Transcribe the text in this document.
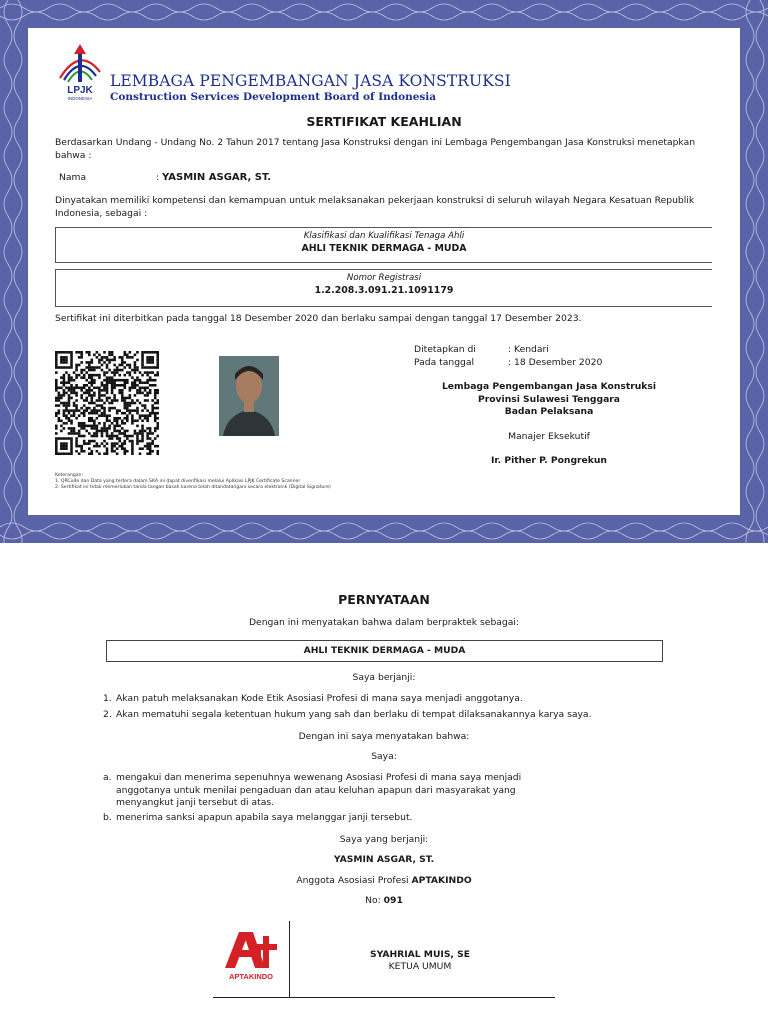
LPJK
INDONESIA
LEMBAGA PENGEMBANGAN JASA KONSTRUKSI
Construction Services Development Board of Indonesia
SERTIFIKAT KEAHLIAN
Berdasarkan Undang - Undang No. 2 Tahun 2017 tentang Jasa Konstruksi dengan ini Lembaga Pengembangan Jasa Konstruksi menetapkan bahwa :
Nama	: YASMIN ASGAR, ST.
Dinyatakan memiliki kompetensi dan kemampuan untuk melaksanakan pekerjaan konstruksi di seluruh wilayah Negara Kesatuan Republik Indonesia, sebagai :
Klasifikasi dan Kualifikasi Tenaga Ahli
AHLI TEKNIK DERMAGA - MUDA
Nomor Registrasi
1.2.208.3.091.21.1091179
Sertifikat ini diterbitkan pada tanggal 18 Desember 2020 dan berlaku sampai dengan tanggal 17 Desember 2023.
Ditetapkan di	: Kendari
Pada tanggal	: 18 Desember 2020
Lembaga Pengembangan Jasa Konstruksi
Provinsi Sulawesi Tenggara
Badan Pelaksana
Manajer Eksekutif
Ir. Pither P. Pongrekun
Keterangan:
1. QRCode dan Data yang tertera dalam SKA ini dapat diverifikasi melalui Aplikasi LPJK Certificate Scanner
2. Sertifikat ini tidak memerlukan tanda tangan basah karena telah ditandatangani secara elektronik (Digital Signature)
PERNYATAAN
Dengan ini menyatakan bahwa dalam berpraktek sebagai:
AHLI TEKNIK DERMAGA - MUDA
Saya berjanji:
1. Akan patuh melaksanakan Kode Etik Asosiasi Profesi di mana saya menjadi anggotanya.
2. Akan mematuhi segala ketentuan hukum yang sah dan berlaku di tempat dilaksanakannya karya saya.
Dengan ini saya menyatakan bahwa:
Saya:
a. mengakui dan menerima sepenuhnya wewenang Asosiasi Profesi di mana saya menjadi anggotanya untuk menilai pengaduan dan atau keluhan apapun dari masyarakat yang menyangkut janji tersebut di atas.
b. menerima sanksi apapun apabila saya melanggar janji tersebut.
Saya yang berjanji:
YASMIN ASGAR, ST.
Anggota Asosiasi Profesi APTAKINDO
No: 091
APTAKINDO
SYAHRIAL MUIS, SE
KETUA UMUM
